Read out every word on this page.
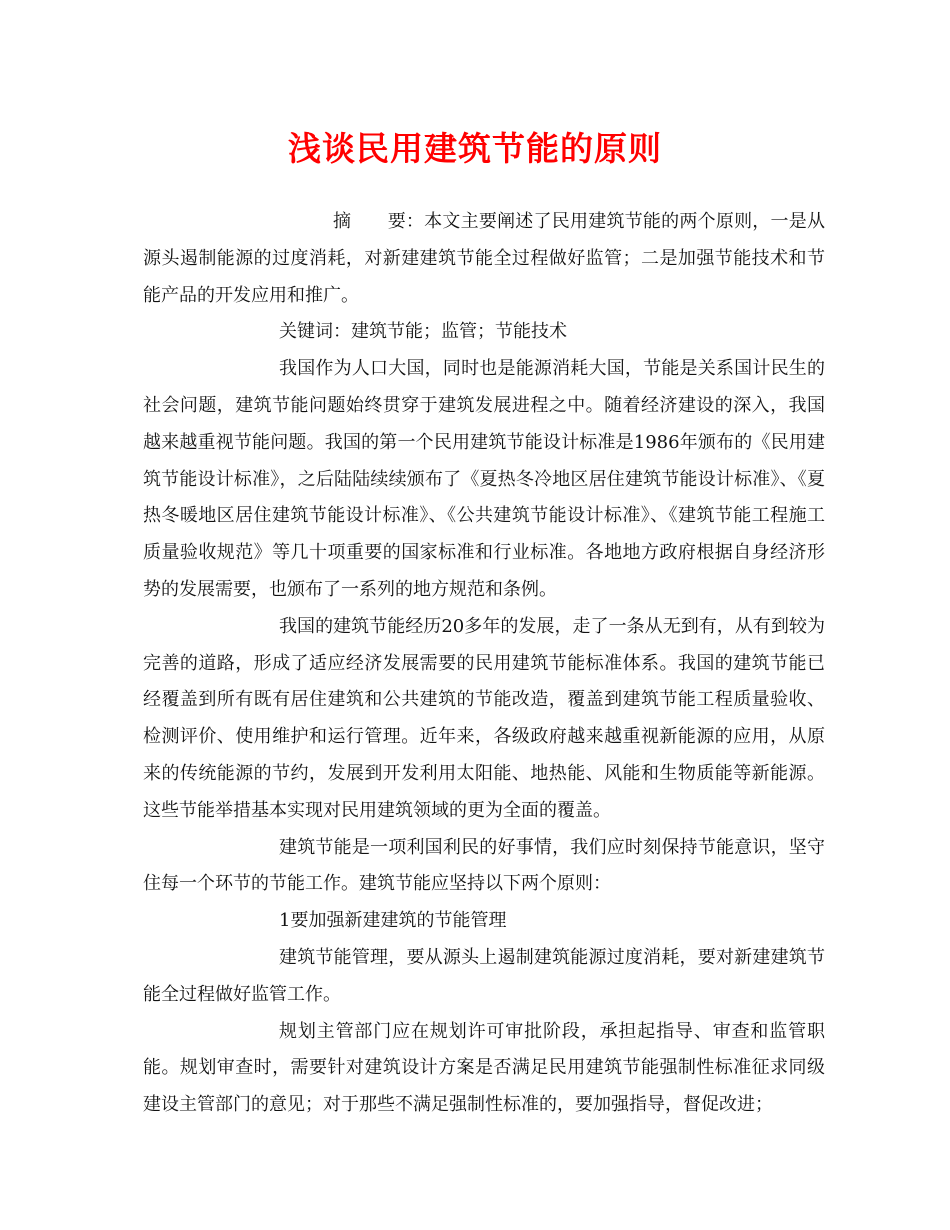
浅谈民用建筑节能的原则

摘　　要：本文主要阐述了民用建筑节能的两个原则，一是从源头遏制能源的过度消耗，对新建建筑节能全过程做好监管；二是加强节能技术和节能产品的开发应用和推广。

关键词：建筑节能；监管；节能技术

我国作为人口大国，同时也是能源消耗大国，节能是关系国计民生的社会问题，建筑节能问题始终贯穿于建筑发展进程之中。随着经济建设的深入，我国越来越重视节能问题。我国的第一个民用建筑节能设计标准是1986年颁布的《民用建筑节能设计标准》，之后陆陆续续颁布了《夏热冬冷地区居住建筑节能设计标准》、《夏热冬暖地区居住建筑节能设计标准》、《公共建筑节能设计标准》、《建筑节能工程施工质量验收规范》等几十项重要的国家标准和行业标准。各地地方政府根据自身经济形势的发展需要，也颁布了一系列的地方规范和条例。

我国的建筑节能经历20多年的发展，走了一条从无到有，从有到较为完善的道路，形成了适应经济发展需要的民用建筑节能标准体系。我国的建筑节能已经覆盖到所有既有居住建筑和公共建筑的节能改造，覆盖到建筑节能工程质量验收、检测评价、使用维护和运行管理。近年来，各级政府越来越重视新能源的应用，从原来的传统能源的节约，发展到开发利用太阳能、地热能、风能和生物质能等新能源。这些节能举措基本实现对民用建筑领域的更为全面的覆盖。

建筑节能是一项利国利民的好事情，我们应时刻保持节能意识，坚守住每一个环节的节能工作。建筑节能应坚持以下两个原则：

1要加强新建建筑的节能管理

建筑节能管理，要从源头上遏制建筑能源过度消耗，要对新建建筑节能全过程做好监管工作。

规划主管部门应在规划许可审批阶段，承担起指导、审查和监管职能。规划审查时，需要针对建筑设计方案是否满足民用建筑节能强制性标准征求同级建设主管部门的意见；对于那些不满足强制性标准的，要加强指导，督促改进；
